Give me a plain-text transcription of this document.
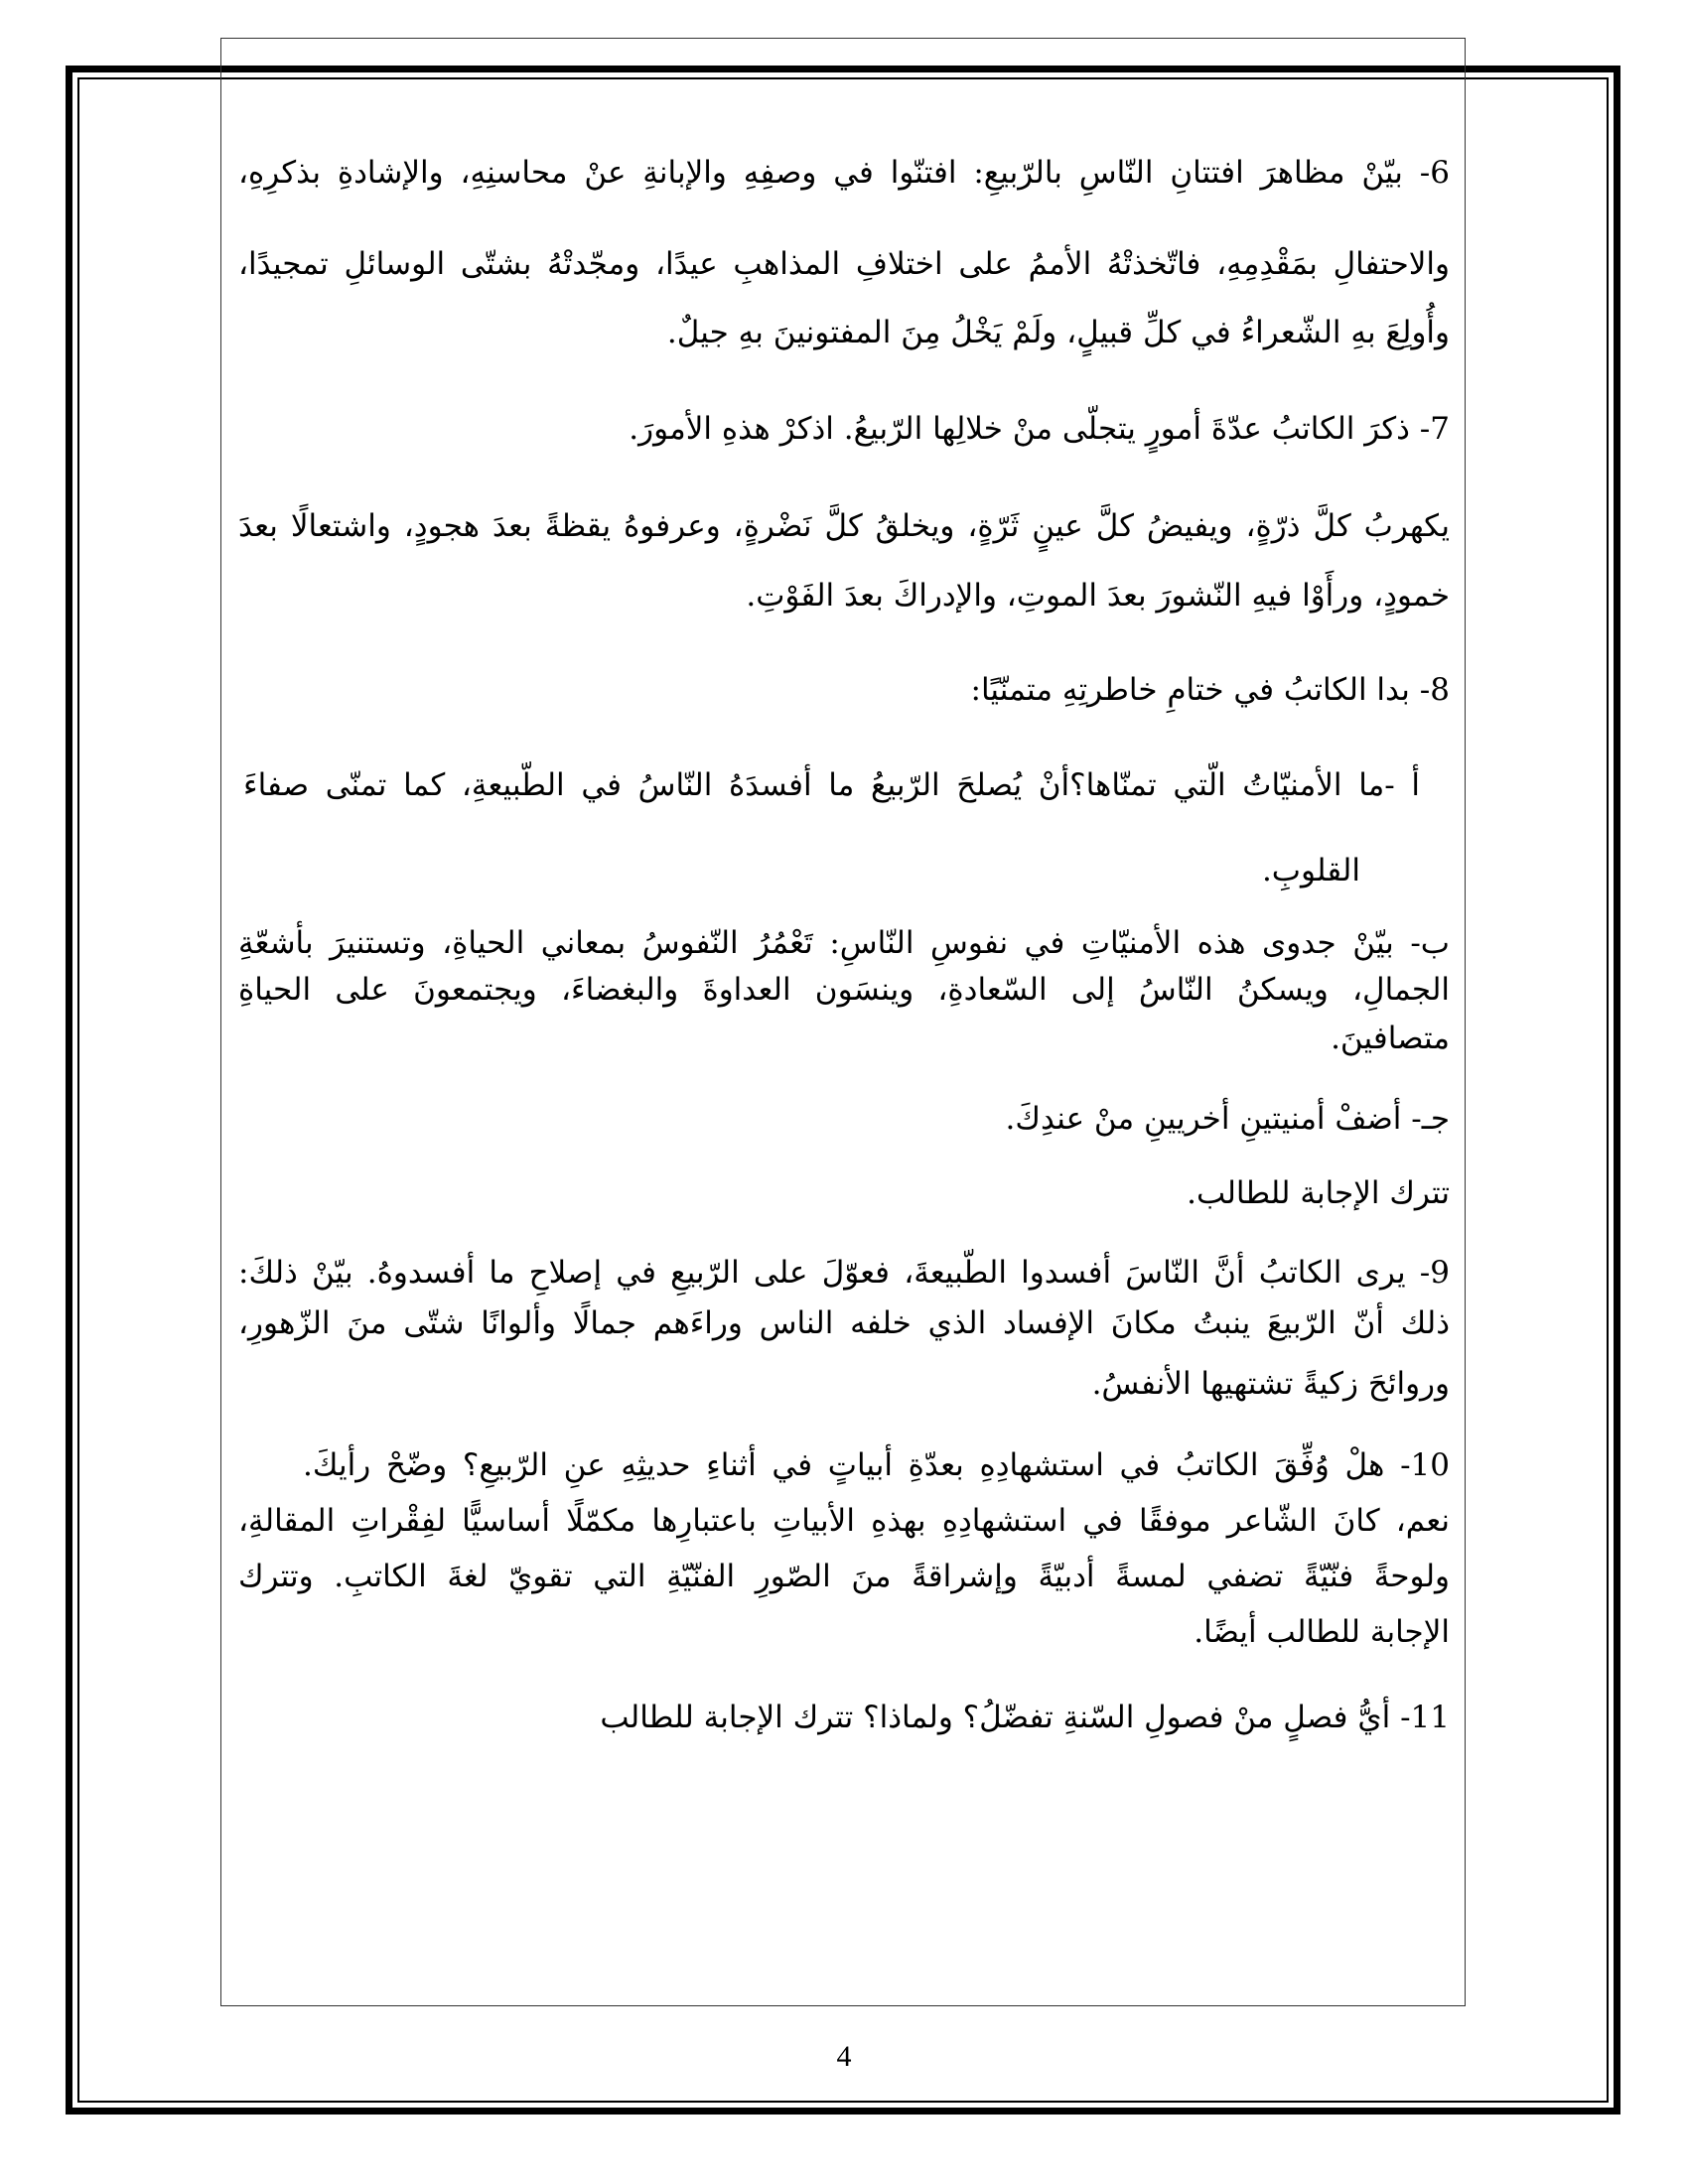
6- بيّنْ مظاهرَ افتتانِ النّاسِ بالرّبيعِ: افتنّوا في وصفِهِ والإبانةِ عنْ محاسنِهِ، والإشادةِ بذكرِهِ،

والاحتفالِ بمَقْدِمِهِ، فاتّخذتْهُ الأممُ على اختلافِ المذاهبِ عيدًا، ومجّدتْهُ بشتّى الوسائلِ تمجيدًا،

وأُولِعَ بهِ الشّعراءُ في كلِّ قبيلٍ، ولَمْ يَخْلُ مِنَ المفتونينَ بهِ جيلٌ.

7- ذكرَ الكاتبُ عدّةَ أمورٍ يتجلّى منْ خلالِها الرّبيعُ. اذكرْ هذهِ الأمورَ.

يكهربُ كلَّ ذرّةٍ، ويفيضُ كلَّ عينٍ ثَرّةٍ، ويخلقُ كلَّ نَضْرةٍ، وعرفوهُ يقظةً بعدَ هجودٍ، واشتعالًا بعدَ

خمودٍ، ورأَوْا فيهِ النّشورَ بعدَ الموتِ، والإدراكَ بعدَ الفَوْتِ.

8- بدا الكاتبُ في ختامِ خاطرتِهِ متمنّيًا:

أ -ما الأمنيّاتُ الّتي تمنّاها؟أنْ يُصلحَ الرّبيعُ ما أفسدَهُ النّاسُ في الطّبيعةِ، كما تمنّى صفاءَ

القلوبِ.

ب- بيّنْ جدوى هذه الأمنيّاتِ في نفوسِ النّاسِ: تَعْمُرُ النّفوسُ بمعاني الحياةِ، وتستنيرَ بأشعّةِ

الجمالِ، ويسكنُ النّاسُ إلى السّعادةِ، وينسَون العداوةَ والبغضاءَ، ويجتمعونَ على الحياةِ

متصافينَ.

جـ- أضفْ أمنيتينِ أخريينِ منْ عندِكَ.

تترك الإجابة للطالب.

9- يرى الكاتبُ أنَّ النّاسَ أفسدوا الطّبيعةَ، فعوّلَ على الرّبيعِ في إصلاحِ ما أفسدوهُ. بيّنْ ذلكَ:

ذلك أنّ الرّبيعَ ينبتُ مكانَ الإفساد الذي خلفه الناس وراءَهم جمالًا وألوانًا شتّى منَ الزّهورِ،

وروائحَ زكيةً تشتهيها الأنفسُ.

10- هلْ وُفِّقَ الكاتبُ في استشهادِهِ بعدّةِ أبياتٍ في أثناءِ حديثِهِ عنِ الرّبيعِ؟ وضّحْ رأيكَ.

نعم، كانَ الشّاعر موفقًا في استشهادِهِ بهذهِ الأبياتِ باعتبارِها مكمّلًا أساسيًّا لفِقْراتِ المقالةِ،

ولوحةً فنّيّةً تضفي لمسةً أدبيّةً وإشراقةً منَ الصّورِ الفنّيّةِ التي تقويّ لغةَ الكاتبِ. وتترك

الإجابة للطالب أيضًا.

11- أيُّ فصلٍ منْ فصولِ السّنةِ تفضّلُ؟ ولماذا؟ تترك الإجابة للطالب

4
